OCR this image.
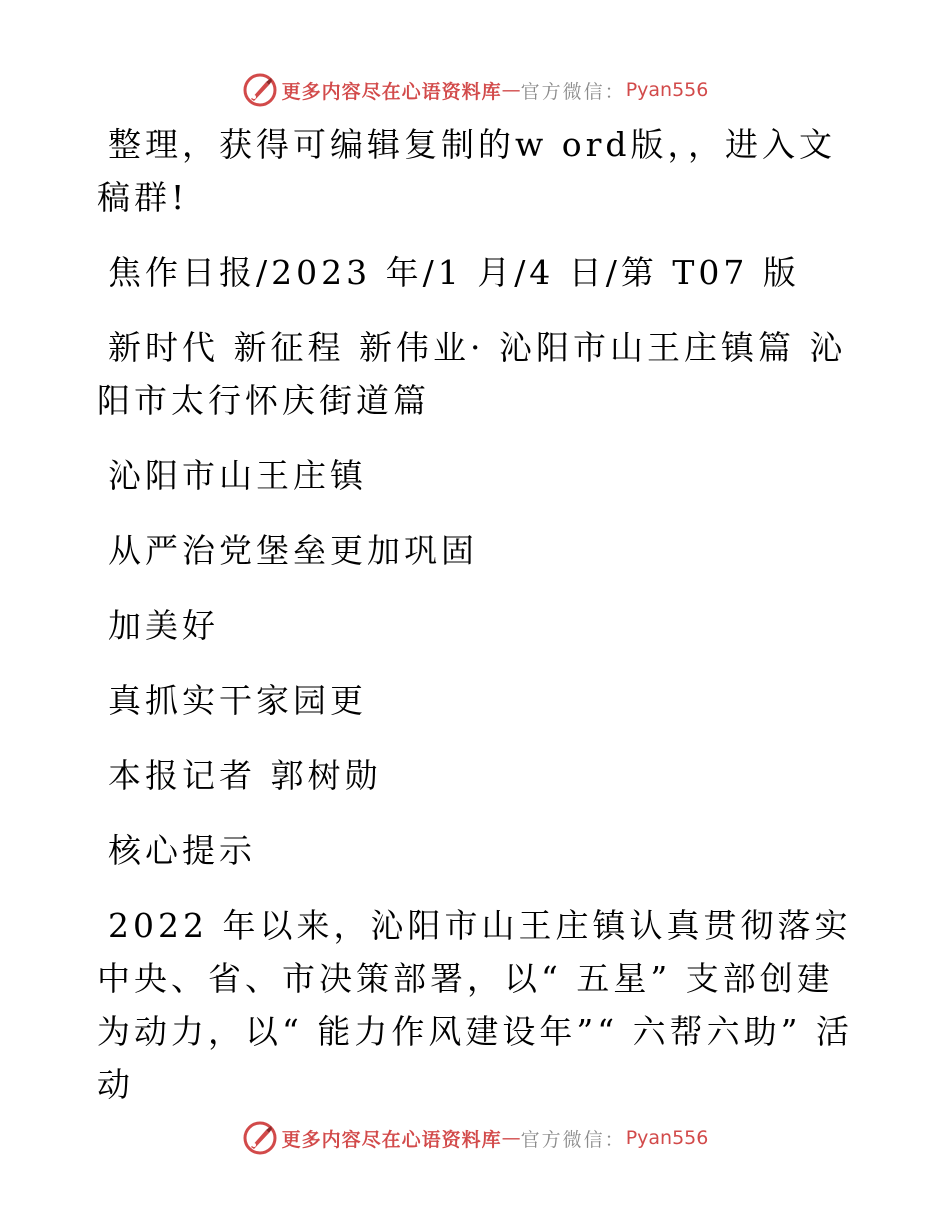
更多内容尽在心语资料库 — 官方微信： Pyan556

整理，获得可编辑复制的w ord版，，进入文稿群!

焦作日报/2023 年/1 月/4 日/第 T07 版

新时代 新征程 新伟业· 沁阳市山王庄镇篇 沁阳市太行怀庆街道篇

沁阳市山王庄镇

从严治党堡垒更加巩固

加美好

真抓实干家园更

本报记者 郭树勋

核心提示

2022 年以来，沁阳市山王庄镇认真贯彻落实中央、省、市决策部署，以“ 五星” 支部创建为动力，以“ 能力作风建设年”“ 六帮六助” 活动

更多内容尽在心语资料库 — 官方微信： Pyan556
